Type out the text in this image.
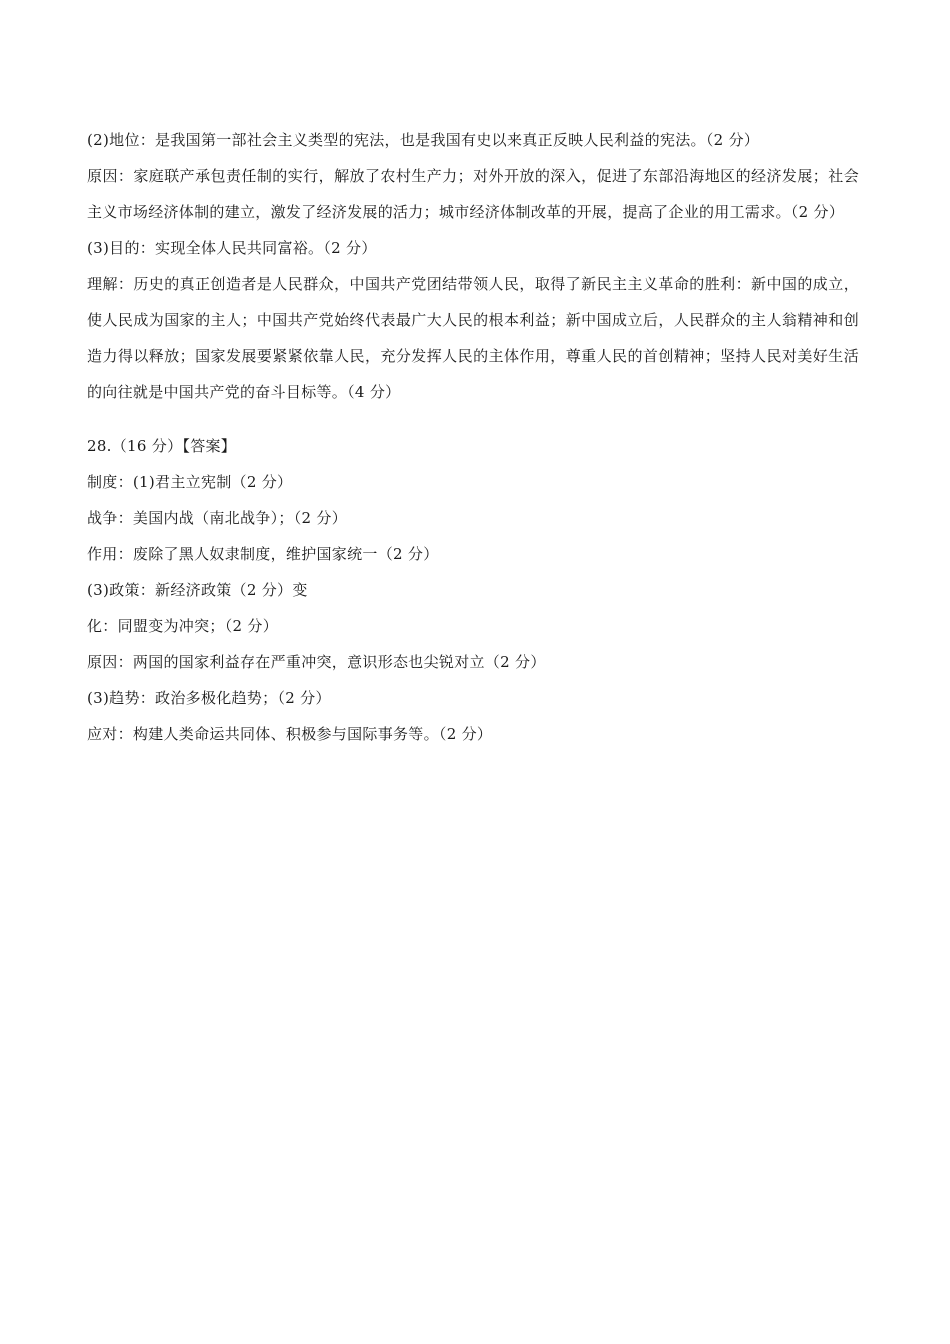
(2)地位：是我国第一部社会主义类型的宪法，也是我国有史以来真正反映人民利益的宪法。（2 分）

原因：家庭联产承包责任制的实行，解放了农村生产力；对外开放的深入，促进了东部沿海地区的经济发展；社会主义市场经济体制的建立，激发了经济发展的活力；城市经济体制改革的开展，提高了企业的用工需求。（2 分）

(3)目的：实现全体人民共同富裕。（2 分）

理解：历史的真正创造者是人民群众，中国共产党团结带领人民，取得了新民主主义革命的胜利：新中国的成立，使人民成为国家的主人；中国共产党始终代表最广大人民的根本利益；新中国成立后，人民群众的主人翁精神和创造力得以释放；国家发展要紧紧依靠人民，充分发挥人民的主体作用，尊重人民的首创精神；坚持人民对美好生活的向往就是中国共产党的奋斗目标等。（4 分）

28.（16 分）【答案】

制度：(1)君主立宪制（2 分）

战争：美国内战（南北战争）；（2 分）

作用：废除了黑人奴隶制度，维护国家统一（2 分）

(3)政策：新经济政策（2 分）变

化：同盟变为冲突；（2 分）

原因：两国的国家利益存在严重冲突，意识形态也尖锐对立（2 分）

(3)趋势：政治多极化趋势；（2 分）

应对：构建人类命运共同体、积极参与国际事务等。（2 分）
